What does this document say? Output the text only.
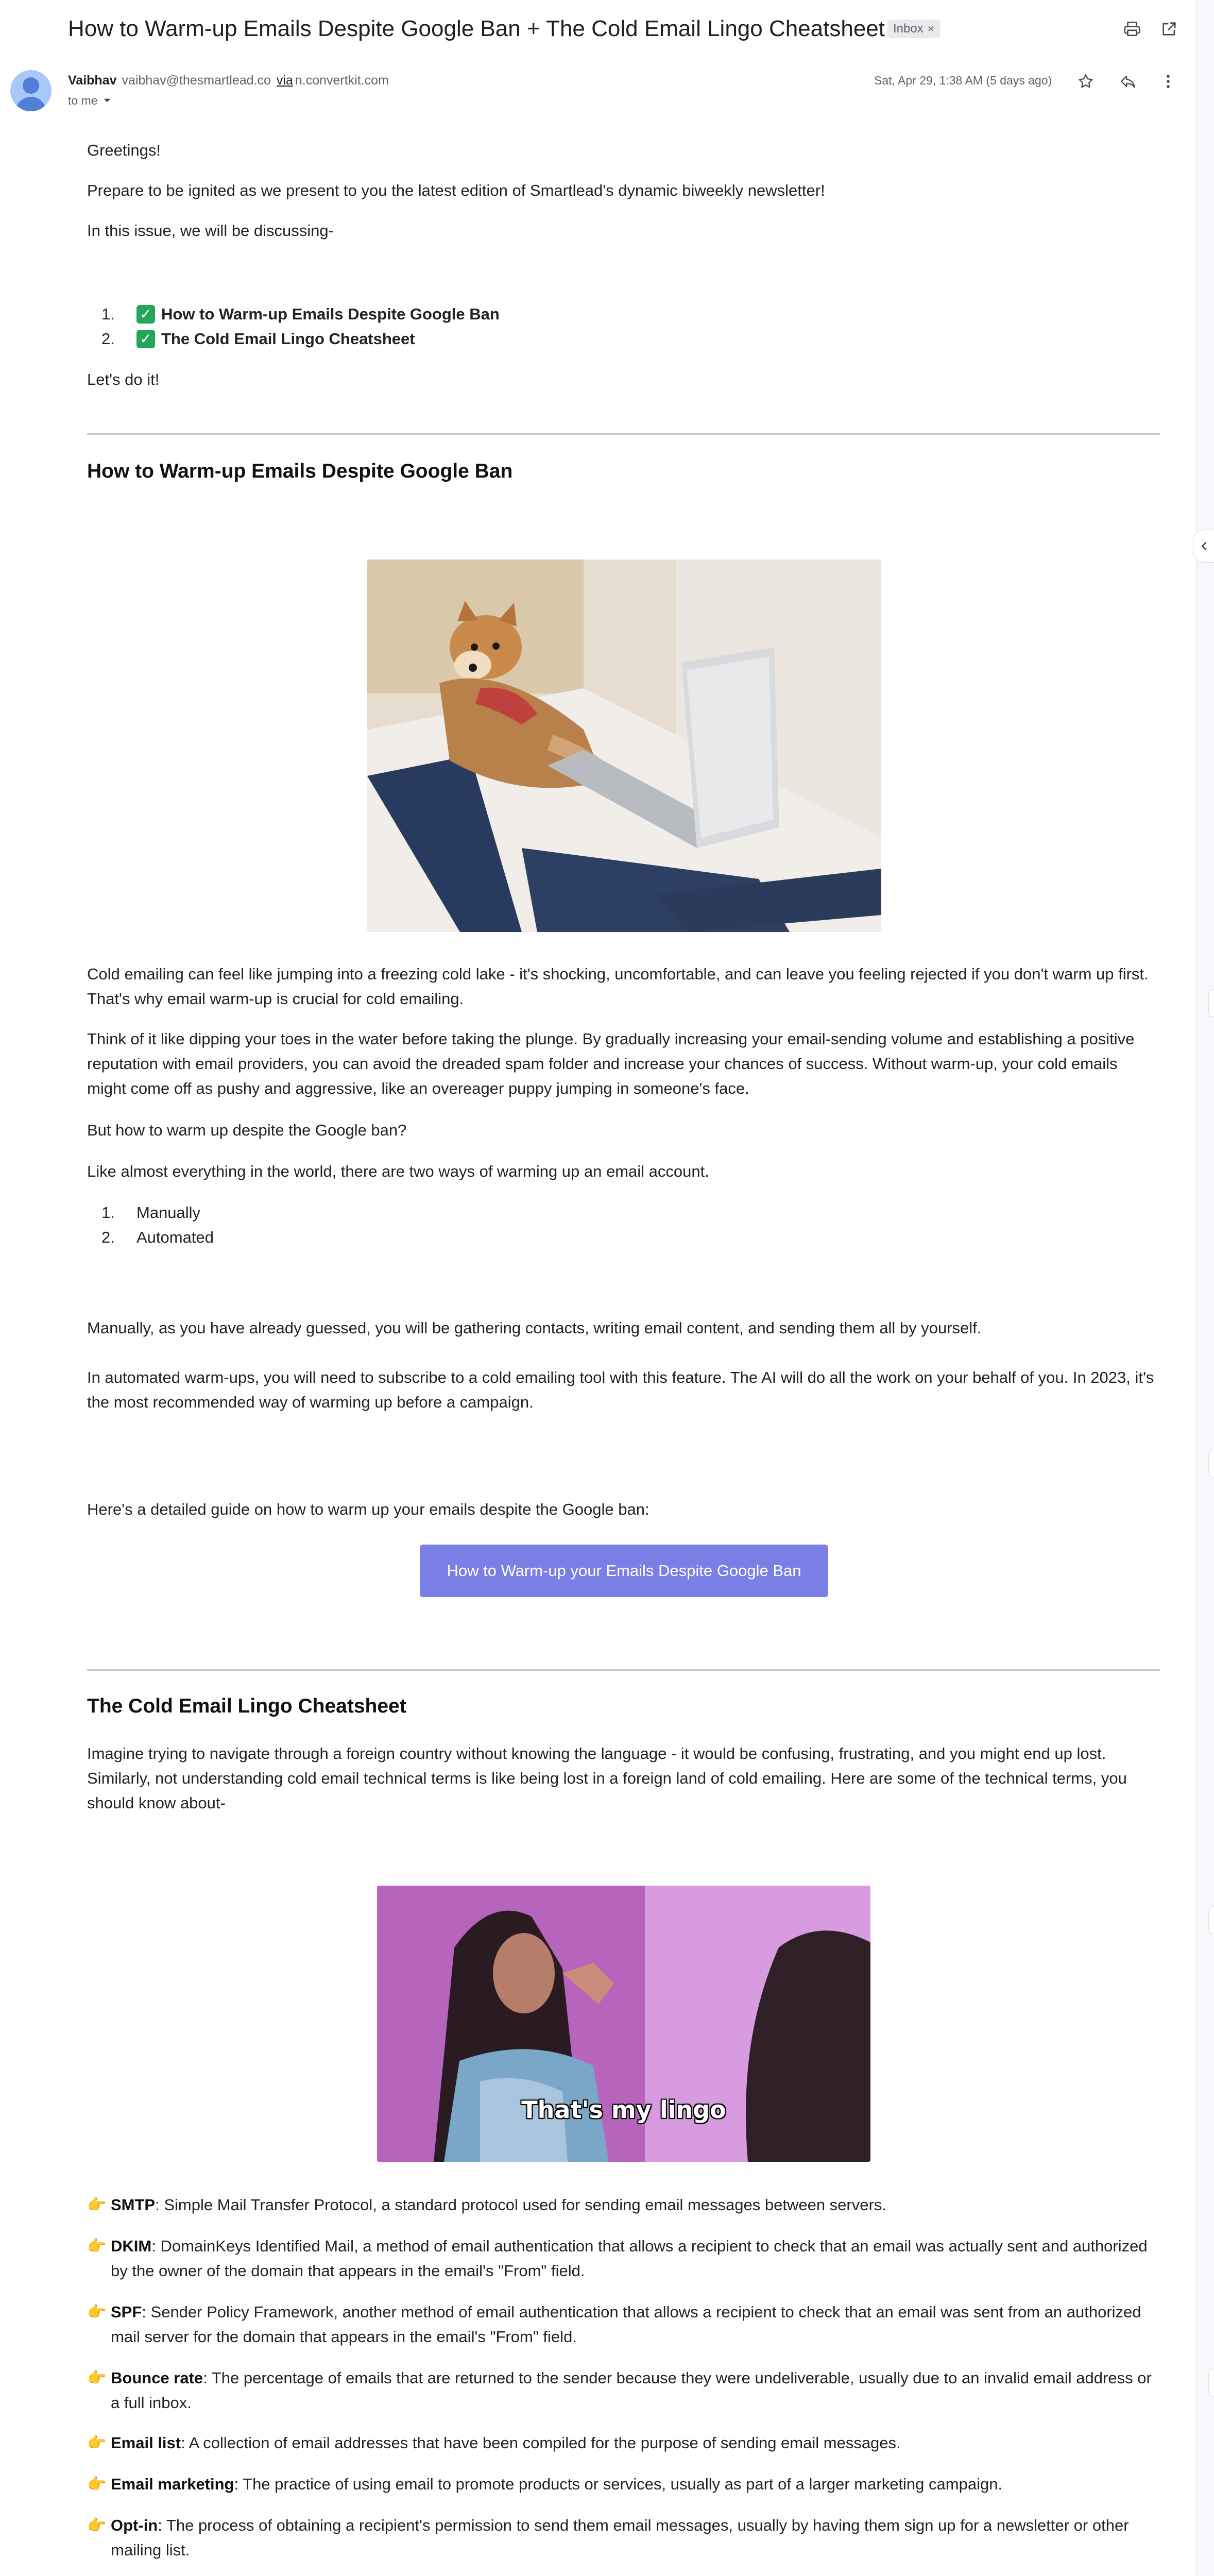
How to Warm-up Emails Despite Google Ban + The Cold Email Lingo Cheatsheet Inbox ×
Vaibhav vaibhav@thesmartlead.co via n.convertkit.com
to me
Sat, Apr 29, 1:38 AM (5 days ago)
Greetings!
Prepare to be ignited as we present to you the latest edition of Smartlead's dynamic biweekly newsletter!
In this issue, we will be discussing-
1.	✓ How to Warm-up Emails Despite Google Ban
2.	✓ The Cold Email Lingo Cheatsheet
Let's do it!
How to Warm-up Emails Despite Google Ban
Cold emailing can feel like jumping into a freezing cold lake - it's shocking, uncomfortable, and can leave you feeling rejected if you don't warm up first. That's why email warm-up is crucial for cold emailing.
Think of it like dipping your toes in the water before taking the plunge. By gradually increasing your email-sending volume and establishing a positive reputation with email providers, you can avoid the dreaded spam folder and increase your chances of success. Without warm-up, your cold emails might come off as pushy and aggressive, like an overeager puppy jumping in someone's face.
But how to warm up despite the Google ban?
Like almost everything in the world, there are two ways of warming up an email account.
1.	Manually
2.	Automated
Manually, as you have already guessed, you will be gathering contacts, writing email content, and sending them all by yourself.
In automated warm-ups, you will need to subscribe to a cold emailing tool with this feature. The AI will do all the work on your behalf of you. In 2023, it's the most recommended way of warming up before a campaign.
Here's a detailed guide on how to warm up your emails despite the Google ban:
The Cold Email Lingo Cheatsheet
Imagine trying to navigate through a foreign country without knowing the language - it would be confusing, frustrating, and you might end up lost. Similarly, not understanding cold email technical terms is like being lost in a foreign land of cold emailing. Here are some of the technical terms, you should know about-
👉 SMTP: Simple Mail Transfer Protocol, a standard protocol used for sending email messages between servers.
👉 DKIM: DomainKeys Identified Mail, a method of email authentication that allows a recipient to check that an email was actually sent and authorized by the owner of the domain that appears in the email's "From" field.
👉 SPF: Sender Policy Framework, another method of email authentication that allows a recipient to check that an email was sent from an authorized mail server for the domain that appears in the email's "From" field.
👉 Bounce rate: The percentage of emails that are returned to the sender because they were undeliverable, usually due to an invalid email address or a full inbox.
👉 Email list: A collection of email addresses that have been compiled for the purpose of sending email messages.
👉 Email marketing: The practice of using email to promote products or services, usually as part of a larger marketing campaign.
👉 Opt-in: The process of obtaining a recipient's permission to send them email messages, usually by having them sign up for a newsletter or other mailing list.
How to Warm-up your Emails Despite Google Ban
That's my lingo
